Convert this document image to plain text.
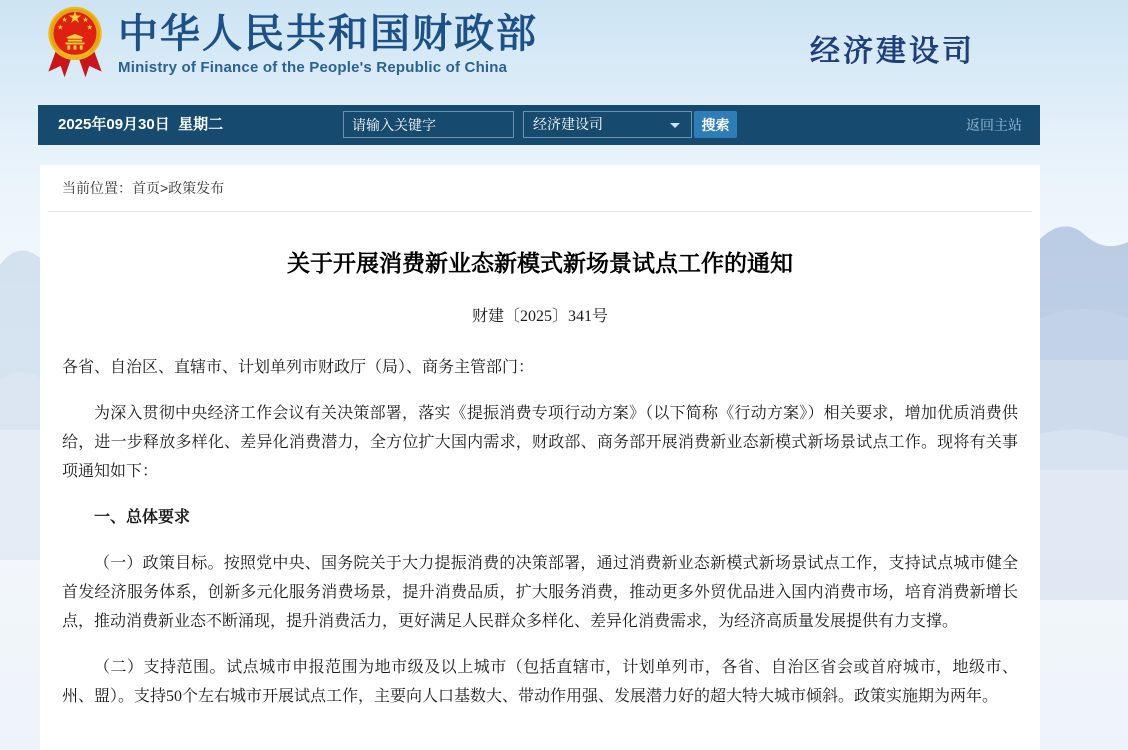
中华人民共和国财政部
Ministry of Finance of the People's Republic of China	经济建设司
2025年09月30日  星期二
请输入关键字	经济建设司	搜索	返回主站
当前位置：首页>政策发布
关于开展消费新业态新模式新场景试点工作的通知
财建〔2025〕341号

各省、自治区、直辖市、计划单列市财政厅（局）、商务主管部门：

为深入贯彻中央经济工作会议有关决策部署，落实《提振消费专项行动方案》（以下简称《行动方案》）相关要求，增加优质消费供给，进一步释放多样化、差异化消费潜力，全方位扩大国内需求，财政部、商务部开展消费新业态新模式新场景试点工作。现将有关事项通知如下：

一、总体要求

（一）政策目标。按照党中央、国务院关于大力提振消费的决策部署，通过消费新业态新模式新场景试点工作，支持试点城市健全首发经济服务体系，创新多元化服务消费场景，提升消费品质，扩大服务消费，推动更多外贸优品进入国内消费市场，培育消费新增长点，推动消费新业态不断涌现，提升消费活力，更好满足人民群众多样化、差异化消费需求，为经济高质量发展提供有力支撑。

（二）支持范围。试点城市申报范围为地市级及以上城市（包括直辖市，计划单列市，各省、自治区省会或首府城市，地级市、州、盟）。支持50个左右城市开展试点工作，主要向人口基数大、带动作用强、发展潜力好的超大特大城市倾斜。政策实施期为两年。
